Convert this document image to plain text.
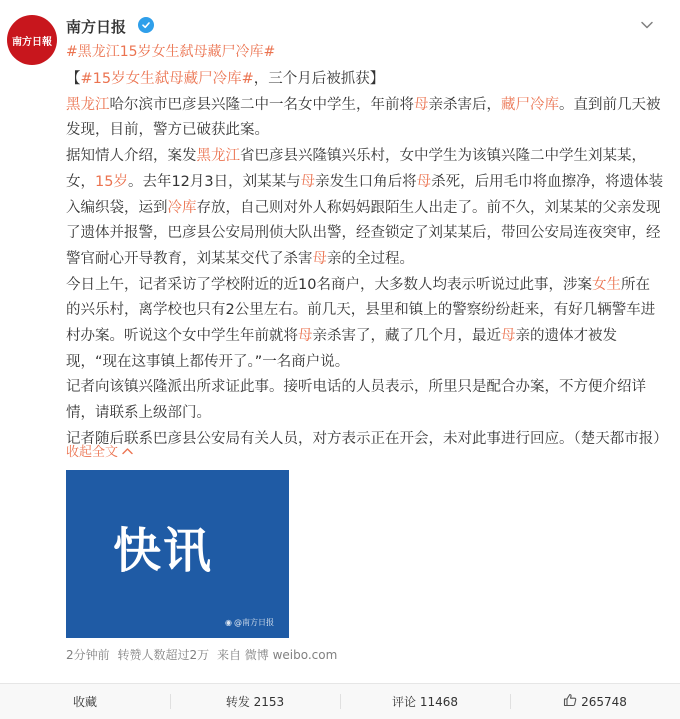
南方日報
南方日报
#黑龙江15岁女生弑母藏尸冷库#

【#15岁女生弑母藏尸冷库#，三个月后被抓获】

黑龙江哈尔滨市巴彦县兴隆二中一名女中学生，年前将母亲杀害后，藏尸冷库。直到前几天被发现，目前，警方已破获此案。

据知情人介绍，案发黑龙江省巴彦县兴隆镇兴乐村，女中学生为该镇兴隆二中学生刘某某，女，15岁。去年12月3日，刘某某与母亲发生口角后将母杀死，后用毛巾将血擦净，将遗体装入编织袋，运到冷库存放，自己则对外人称妈妈跟陌生人出走了。前不久，刘某某的父亲发现了遗体并报警，巴彦县公安局刑侦大队出警，经查锁定了刘某某后，带回公安局连夜突审，经警官耐心开导教育，刘某某交代了杀害母亲的全过程。

今日上午，记者采访了学校附近的近10名商户，大多数人均表示听说过此事，涉案女生所在的兴乐村，离学校也只有2公里左右。前几天，县里和镇上的警察纷纷赶来，有好几辆警车进村办案。听说这个女中学生年前就将母亲杀害了，藏了几个月，最近母亲的遗体才被发现，“现在这事镇上都传开了。”一名商户说。

记者向该镇兴隆派出所求证此事。接听电话的人员表示，所里只是配合办案，不方便介绍详情，请联系上级部门。

记者随后联系巴彦县公安局有关人员，对方表示正在开会，未对此事进行回应。（楚天都市报）

收起全文
快讯
◉ @南方日报
2分钟前 转赞人数超过2万 来自 微博 weibo.com
收藏	转发 2153	评论 11468	265748
